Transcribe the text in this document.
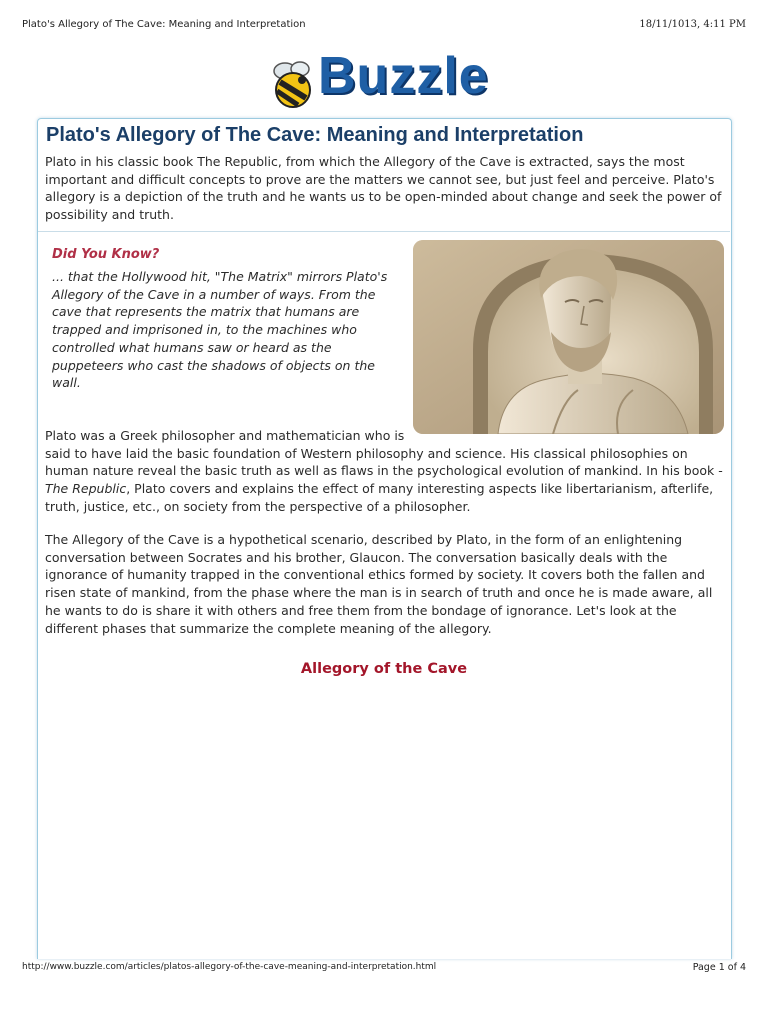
Plato's Allegory of The Cave: Meaning and Interpretation	18/11/1013, 4:11 PM
Buzzle
Plato's Allegory of The Cave: Meaning and Interpretation

Plato in his classic book The Republic, from which the Allegory of the Cave is extracted, says the most important and difficult concepts to prove are the matters we cannot see, but just feel and perceive. Plato's allegory is a depiction of the truth and he wants us to be open-minded about change and seek the power of possibility and truth.

Did You Know?

... that the Hollywood hit, "The Matrix" mirrors Plato's Allegory of the Cave in a number of ways. From the cave that represents the matrix that humans are trapped and imprisoned in, to the machines who controlled what humans saw or heard as the puppeteers who cast the shadows of objects on the wall.

Plato was a Greek philosopher and mathematician who is
said to have laid the basic foundation of Western philosophy and science. His classical philosophies on human nature reveal the basic truth as well as flaws in the psychological evolution of mankind. In his book - The Republic, Plato covers and explains the effect of many interesting aspects like libertarianism, afterlife, truth, justice, etc., on society from the perspective of a philosopher.

The Allegory of the Cave is a hypothetical scenario, described by Plato, in the form of an enlightening conversation between Socrates and his brother, Glaucon. The conversation basically deals with the ignorance of humanity trapped in the conventional ethics formed by society. It covers both the fallen and risen state of mankind, from the phase where the man is in search of truth and once he is made aware, all he wants to do is share it with others and free them from the bondage of ignorance. Let's look at the different phases that summarize the complete meaning of the allegory.

Allegory of the Cave
http://www.buzzle.com/articles/platos-allegory-of-the-cave-meaning-and-interpretation.html	Page 1 of 4
